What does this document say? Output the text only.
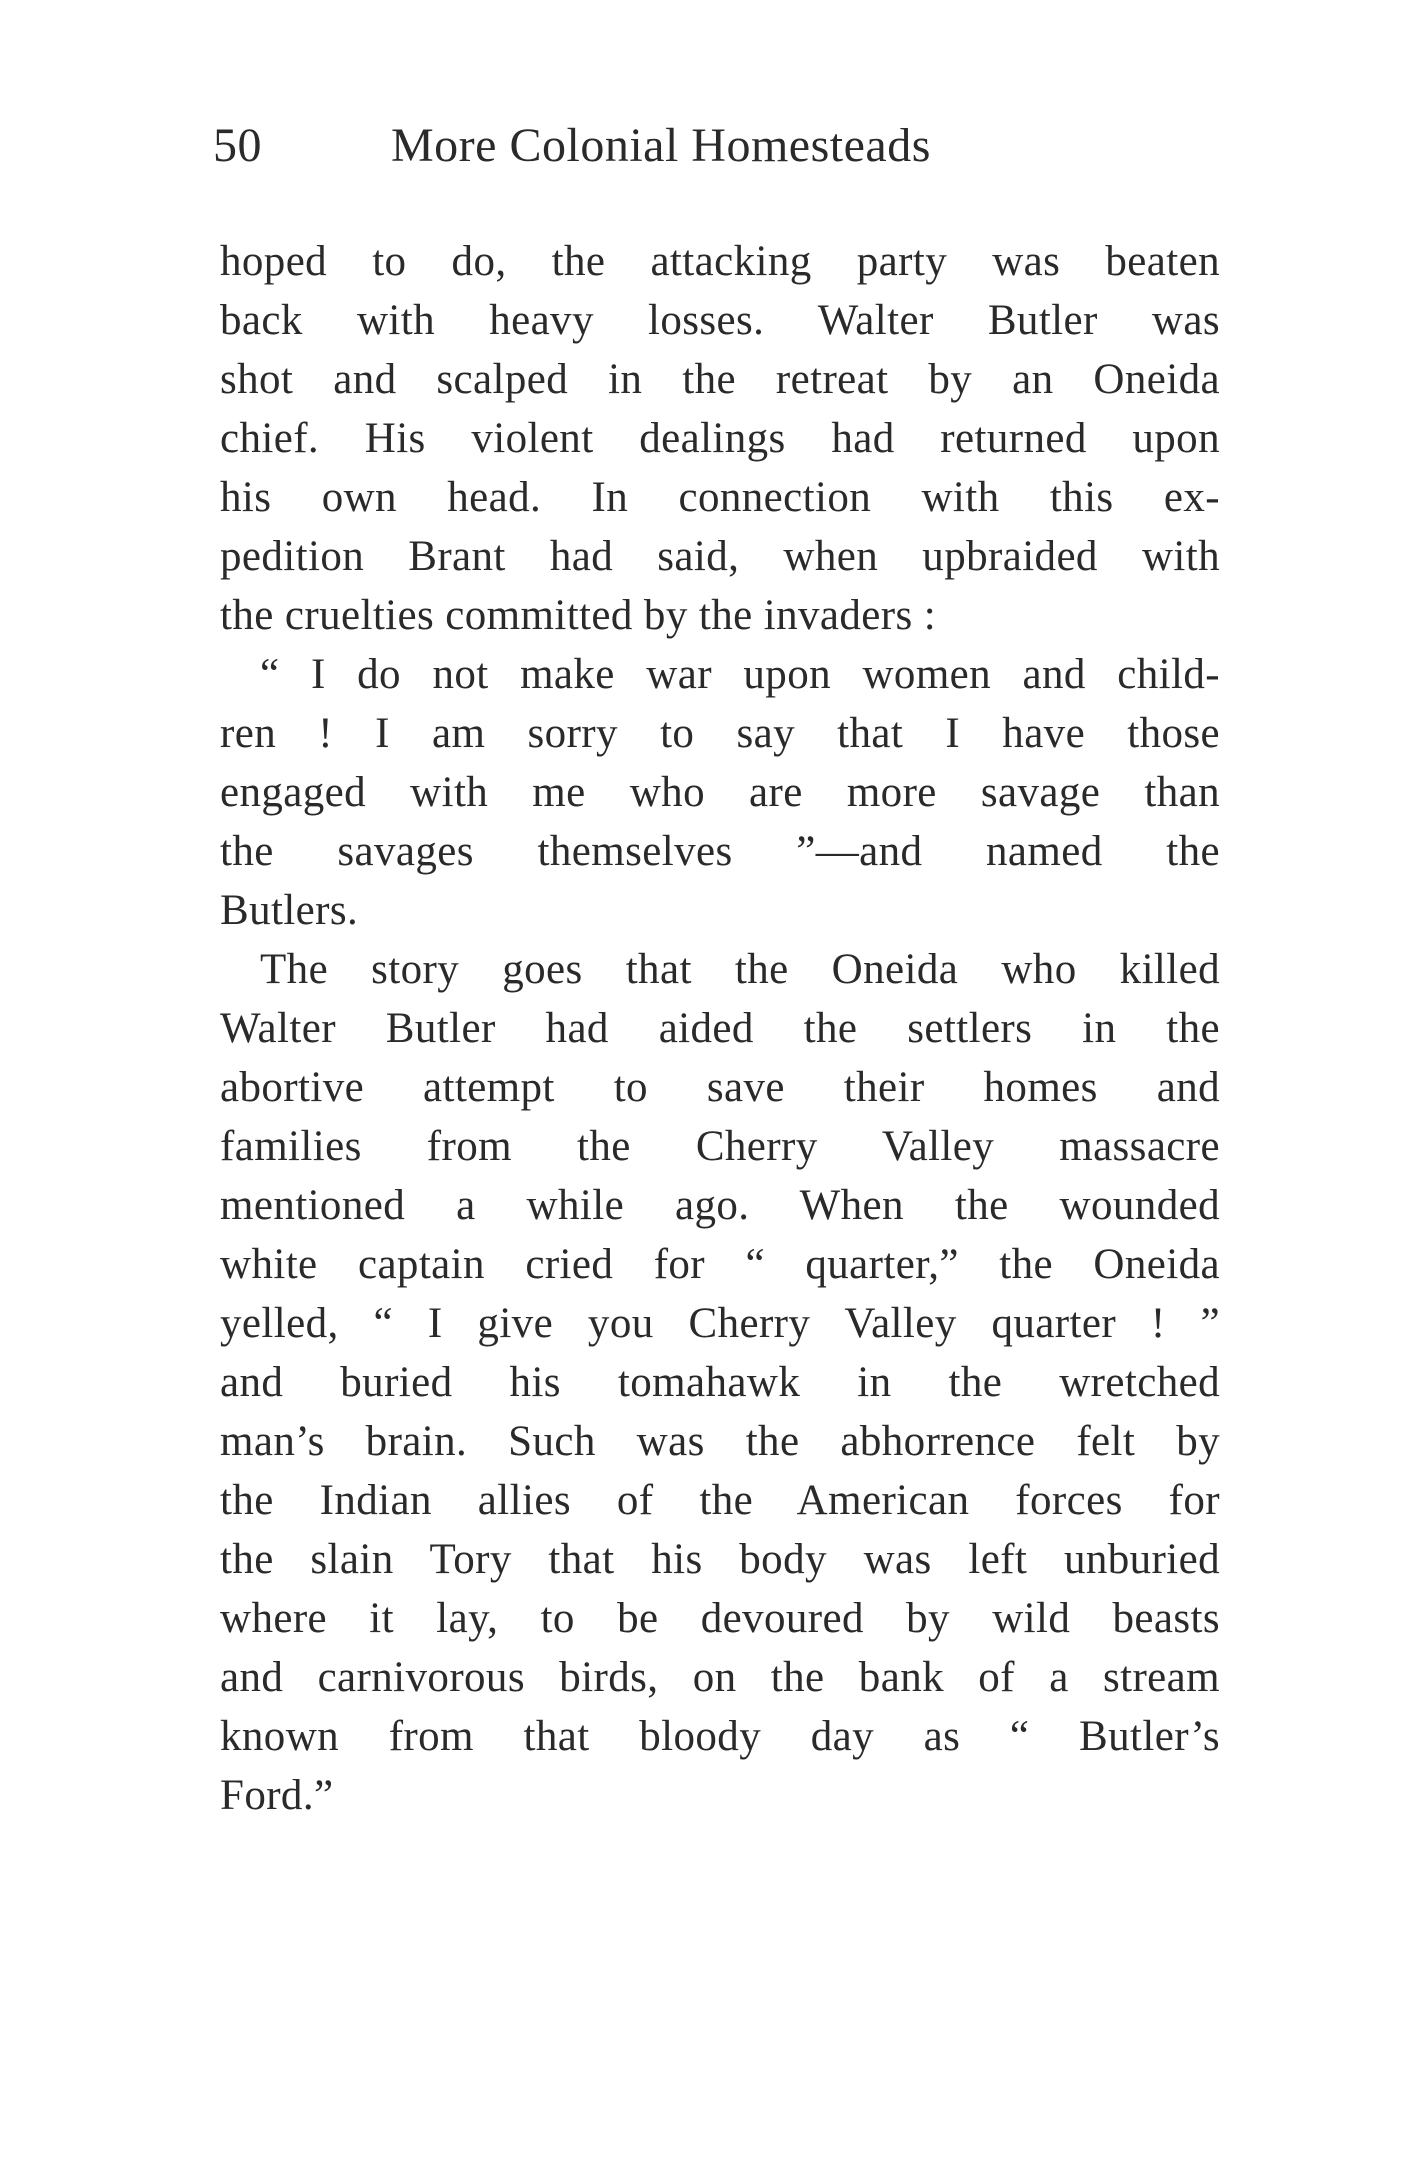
50	More Colonial Homesteads
hoped to do, the attacking party was beaten
back with heavy losses. Walter Butler was
shot and scalped in the retreat by an Oneida
chief. His violent dealings had returned upon
his own head. In connection with this ex-
pedition Brant had said, when upbraided with
the cruelties committed by the invaders :
“ I do not make war upon women and child-
ren ! I am sorry to say that I have those
engaged with me who are more savage than
the savages themselves ”—and named the
Butlers.
The story goes that the Oneida who killed
Walter Butler had aided the settlers in the
abortive attempt to save their homes and
families from the Cherry Valley massacre
mentioned a while ago. When the wounded
white captain cried for “ quarter,” the Oneida
yelled, “ I give you Cherry Valley quarter ! ”
and buried his tomahawk in the wretched
man’s brain. Such was the abhorrence felt by
the Indian allies of the American forces for
the slain Tory that his body was left unburied
where it lay, to be devoured by wild beasts
and carnivorous birds, on the bank of a stream
known from that bloody day as “ Butler’s
Ford.”
